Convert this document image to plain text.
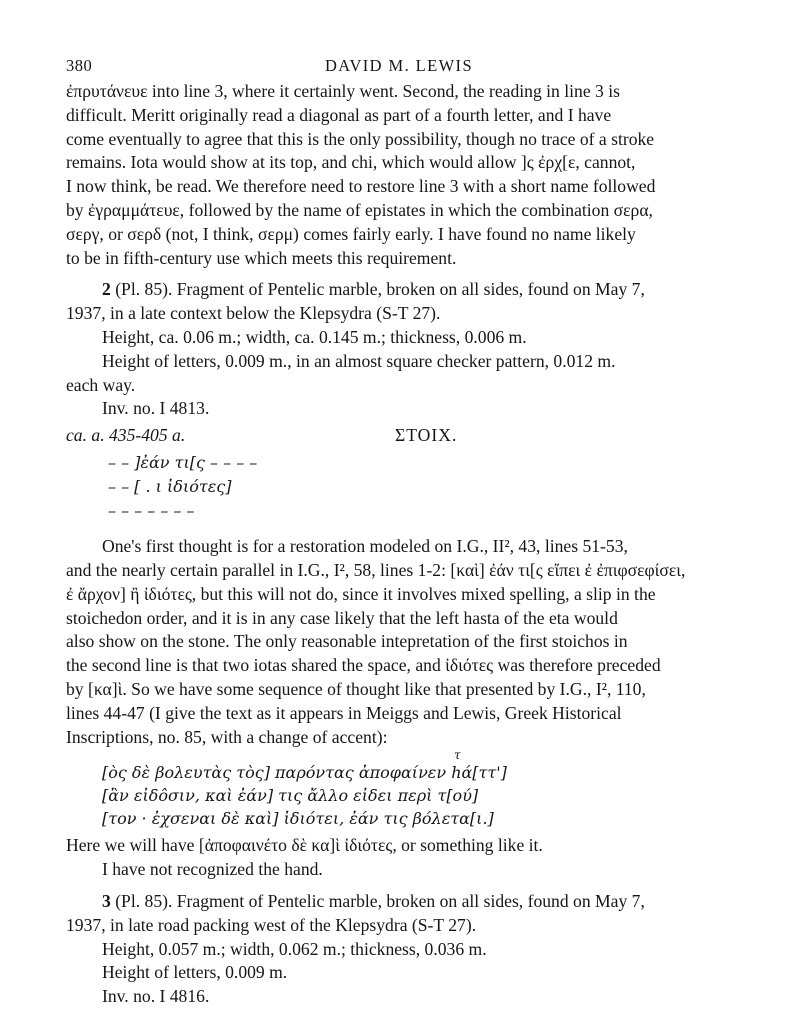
380	DAVID M. LEWIS

ἐπρυτάνευε into line 3, where it certainly went. Second, the reading in line 3 is
difficult. Meritt originally read a diagonal as part of a fourth letter, and I have
come eventually to agree that this is the only possibility, though no trace of a stroke
remains. Iota would show at its top, and chi, which would allow ]ς ἐρχ[ε, cannot,
I now think, be read. We therefore need to restore line 3 with a short name followed
by ἐγραμμάτευε, followed by the name of epistates in which the combination σερα,
σεργ, or σερδ (not, I think, σερμ) comes fairly early. I have found no name likely
to be in fifth-century use which meets this requirement.

2 (Pl. 85). Fragment of Pentelic marble, broken on all sides, found on May 7,
1937, in a late context below the Klepsydra (S-T 27).
Height, ca. 0.06 m.; width, ca. 0.145 m.; thickness, 0.006 m.
Height of letters, 0.009 m., in an almost square checker pattern, 0.012 m.
each way.
Inv. no. I 4813.

ca. a. 435-405 a.	ΣΤΟΙΧ.
– – ]ἐάν τι[ς – – – –
– – [ . ι ἰδιότες]
– – – – – – –

One's first thought is for a restoration modeled on I.G., II², 43, lines 51-53,
and the nearly certain parallel in I.G., I², 58, lines 1-2: [καὶ] ἐάν τι[ς εἴπει ἐ ἐπιφσεφίσει,
ἐ ἄρχον] ἢ ἰδιότες, but this will not do, since it involves mixed spelling, a slip in the
stoichedon order, and it is in any case likely that the left hasta of the eta would
also show on the stone. The only reasonable intepretation of the first stoichos in
the second line is that two iotas shared the space, and ἰδιότες was therefore preceded
by [κα]ὶ. So we have some sequence of thought like that presented by I.G., I², 110,
lines 44-47 (I give the text as it appears in Meiggs and Lewis, Greek Historical
Inscriptions, no. 85, with a change of accent):

τ
[ὸς δὲ βολευτὰς τὸς] παρόντας ἀποφαίνεν hά[ττ']
[ἂν εἰδôσιν, καὶ ἐάν] τις ἄλλο εἰδει περὶ τ[ού]
[τον · ἐχσεναι δὲ καὶ] ἰδιότει, ἐάν τις βόλετα[ι.]

Here we will have [ἀποφαινέτο δὲ κα]ὶ ἰδιότες, or something like it.
I have not recognized the hand.

3 (Pl. 85). Fragment of Pentelic marble, broken on all sides, found on May 7,
1937, in late road packing west of the Klepsydra (S-T 27).
Height, 0.057 m.; width, 0.062 m.; thickness, 0.036 m.
Height of letters, 0.009 m.
Inv. no. I 4816.
